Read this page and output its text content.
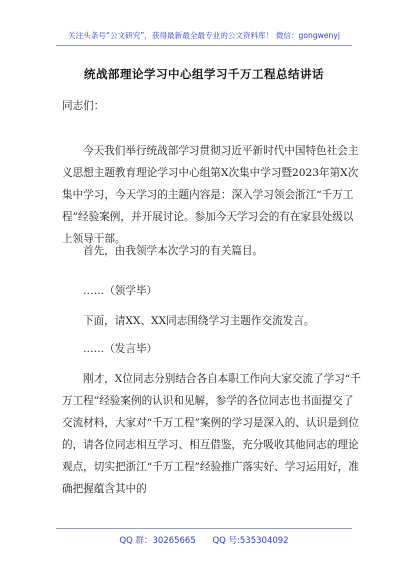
关注头条号“公文研究”，获得最新最全最专业的公文资料库！ 微信：gongwenyj
统战部理论学习中心组学习千万工程总结讲话

同志们：

今天我们举行统战部学习贯彻习近平新时代中国特色社会主义思想主题教育理论学习中心组第X次集中学习暨2023年第X次集中学习，今天学习的主题内容是：深入学习领会浙江“千万工程”经验案例，并开展讨论。参加今天学习会的有在家县处级以上领导干部。

首先，由我领学本次学习的有关篇目。

……（领学毕）

下面，请XX、XX同志围绕学习主题作交流发言。

……（发言毕）

刚才，X位同志分别结合各自本职工作向大家交流了学习“千万工程”经验案例的认识和见解，参学的各位同志也书面提交了交流材料，大家对“千万工程”案例的学习是深入的、认识是到位的，请各位同志相互学习、相互借鉴，充分吸收其他同志的理论观点，切实把浙江“千万工程”经验推广落实好、学习运用好，准确把握蕴含其中的

QQ 群：30265665 QQ 号:535304092
